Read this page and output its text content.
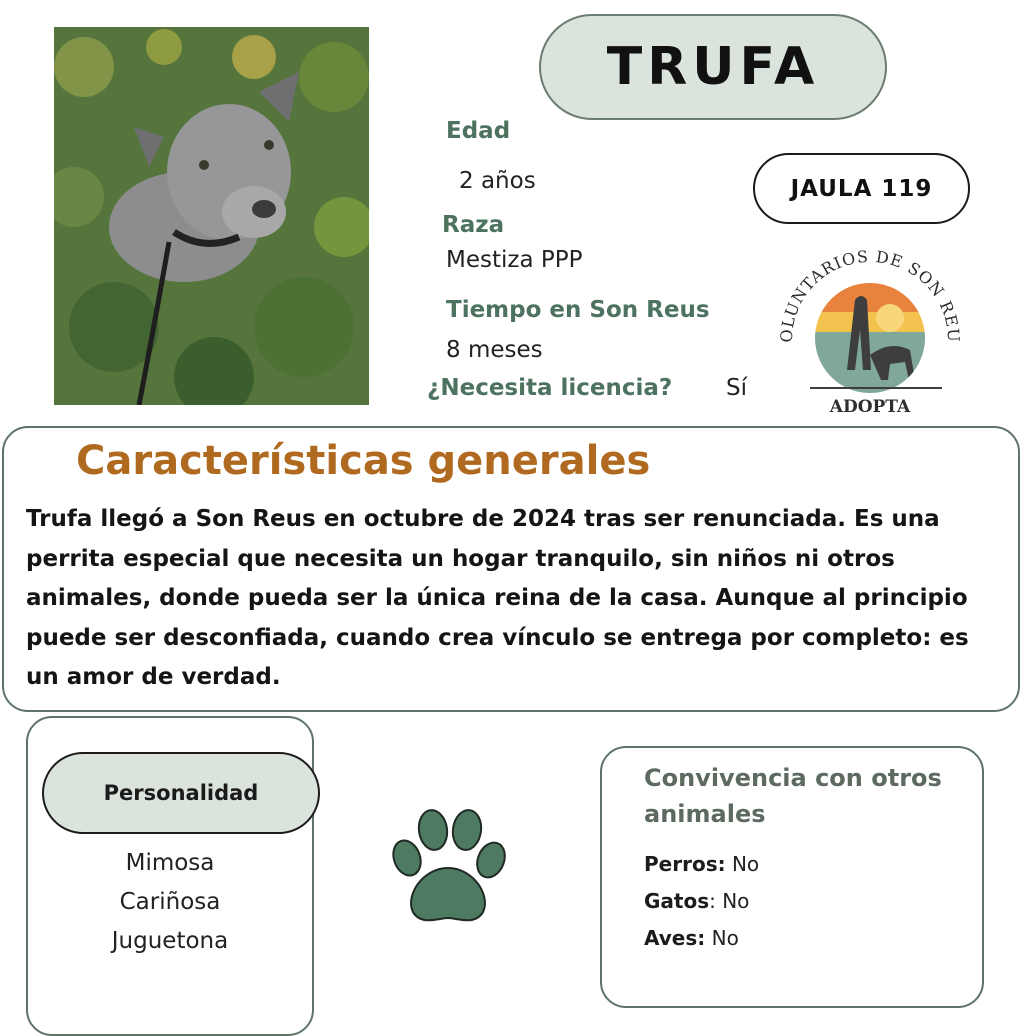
TRUFA
Edad
2 años
Raza
Mestiza PPP
Tiempo en Son Reus
8 meses
¿Necesita licencia? Sí
JAULA 119
OLUNTARIOS DE SON REU
ADOPTA
Características generales
Trufa llegó a Son Reus en octubre de 2024 tras ser renunciada. Es una perrita especial que necesita un hogar tranquilo, sin niños ni otros animales, donde pueda ser la única reina de la casa. Aunque al principio puede ser desconfiada, cuando crea vínculo se entrega por completo: es un amor de verdad.
Personalidad
Mimosa
Cariñosa
Juguetona
Convivencia con otros animales
Perros: No
Gatos: No
Aves: No
